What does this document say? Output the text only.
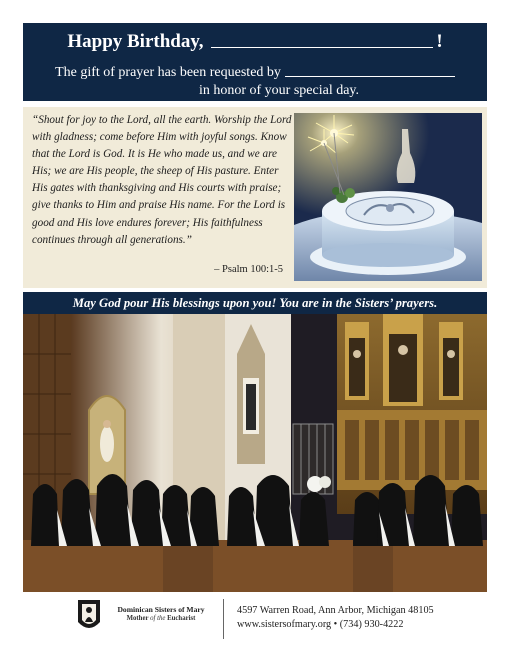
Happy Birthday,	!
The gift of prayer has been requested by
in honor of your special day.
“Shout for joy to the Lord, all the earth. Worship the Lord with gladness; come before Him with joyful songs. Know that the Lord is God. It is He who made us, and we are His; we are His people, the sheep of His pasture. Enter His gates with thanksgiving and His courts with praise; give thanks to Him and praise His name. For the Lord is good and His love endures forever; His faithfulness continues through all generations.”
– Psalm 100:1-5
May God pour His blessings upon you! You are in the Sisters’ prayers.
Dominican Sisters of Mary
Mother of the Eucharist
4597 Warren Road, Ann Arbor, Michigan 48105
www.sistersofmary.org • (734) 930-4222
